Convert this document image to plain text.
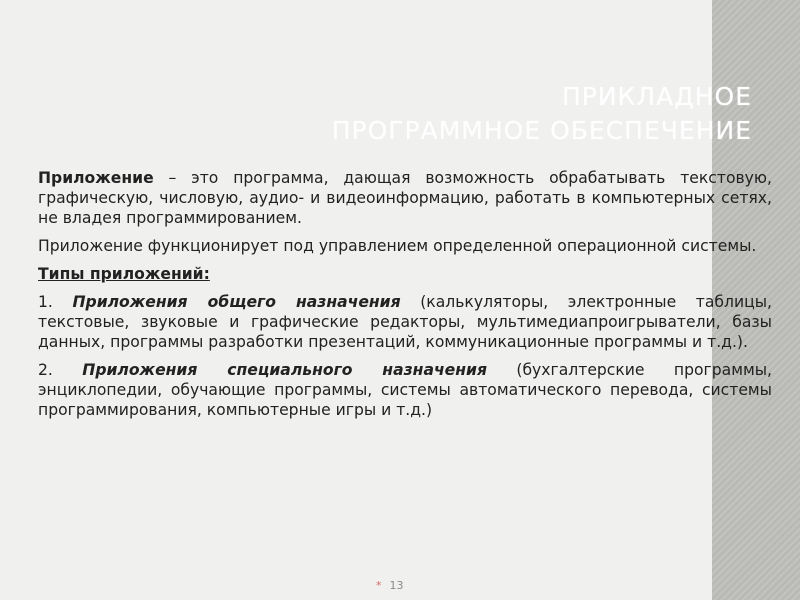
ПРИКЛАДНОЕ
ПРОГРАММНОЕ ОБЕСПЕЧЕНИЕ

Приложение – это программа, дающая возможность обрабатывать текстовую, графическую, числовую, аудио- и видеоинформацию, работать в компьютерных сетях, не владея программированием.

Приложение функционирует под управлением определенной операционной системы.

Типы приложений:

1. Приложения общего назначения (калькуляторы, электронные таблицы, текстовые, звуковые и графические редакторы, мультимедиапроигрыватели, базы данных, программы разработки презентаций, коммуникационные программы и т.д.).

2. Приложения специального назначения (бухгалтерские программы, энциклопедии, обучающие программы, системы автоматического перевода, системы программирования, компьютерные игры и т.д.)

* 13
